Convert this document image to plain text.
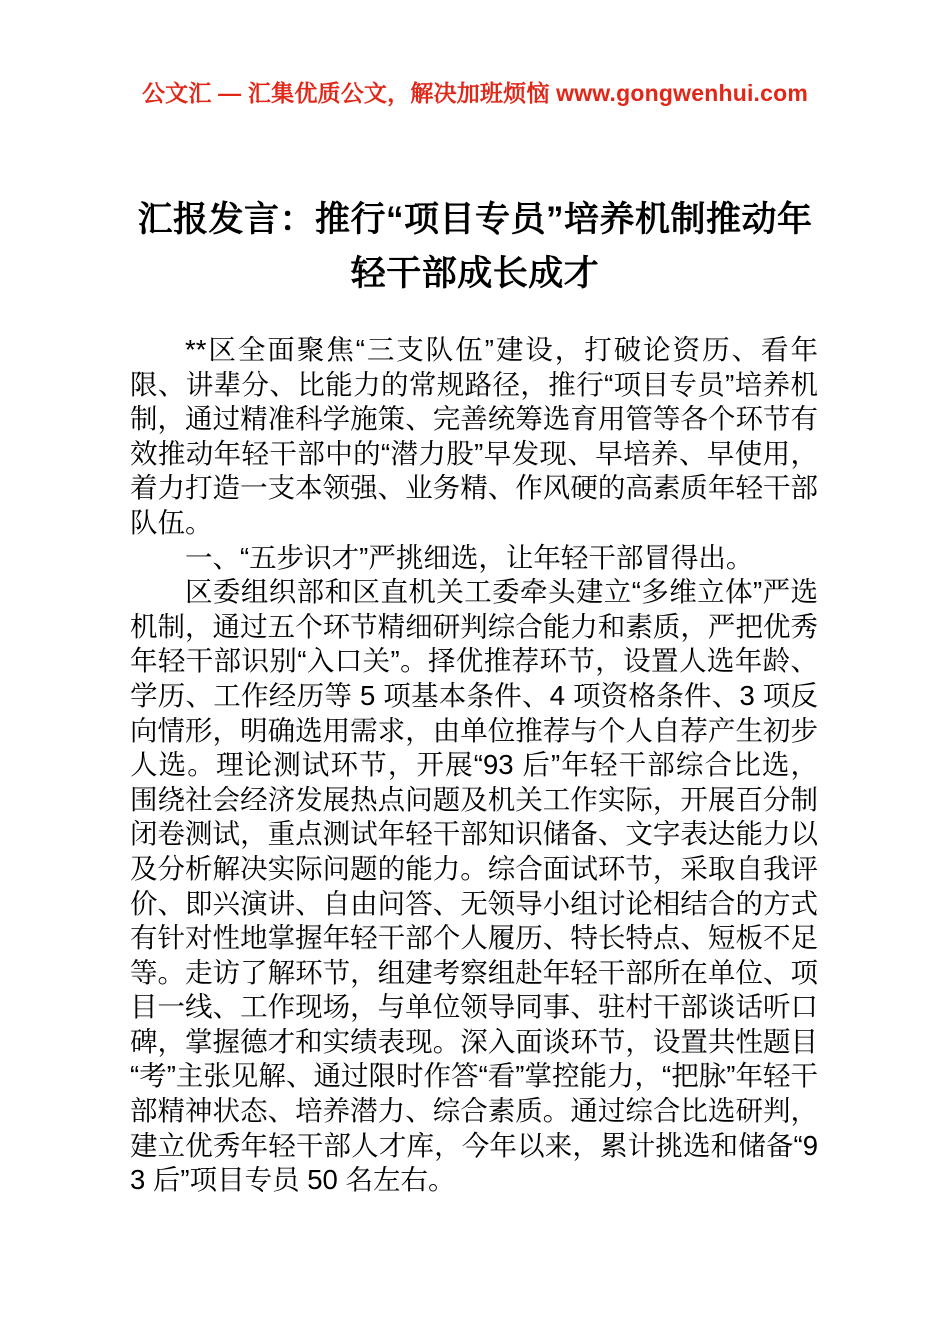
公文汇 — 汇集优质公文，解决加班烦恼 www.gongwenhui.com
汇报发言：推行“项目专员”培养机制推动年轻干部成长成才

**区全面聚焦“三支队伍”建设，打破论资历、看年限、讲辈分、比能力的常规路径，推行“项目专员”培养机制，通过精准科学施策、完善统筹选育用管等各个环节有效推动年轻干部中的“潜力股”早发现、早培养、早使用，着力打造一支本领强、业务精、作风硬的高素质年轻干部队伍。

一、“五步识才”严挑细选，让年轻干部冒得出。

区委组织部和区直机关工委牵头建立“多维立体”严选机制，通过五个环节精细研判综合能力和素质，严把优秀年轻干部识别“入口关”。择优推荐环节，设置人选年龄、学历、工作经历等 5 项基本条件、4 项资格条件、3 项反向情形，明确选用需求，由单位推荐与个人自荐产生初步人选。理论测试环节，开展“93 后”年轻干部综合比选，围绕社会经济发展热点问题及机关工作实际，开展百分制闭卷测试，重点测试年轻干部知识储备、文字表达能力以及分析解决实际问题的能力。综合面试环节，采取自我评价、即兴演讲、自由问答、无领导小组讨论相结合的方式有针对性地掌握年轻干部个人履历、特长特点、短板不足等。走访了解环节，组建考察组赴年轻干部所在单位、项目一线、工作现场，与单位领导同事、驻村干部谈话听口碑，掌握德才和实绩表现。深入面谈环节，设置共性题目“考”主张见解、通过限时作答“看”掌控能力，“把脉”年轻干部精神状态、培养潜力、综合素质。通过综合比选研判，建立优秀年轻干部人才库，今年以来，累计挑选和储备“93 后”项目专员 50 名左右。
